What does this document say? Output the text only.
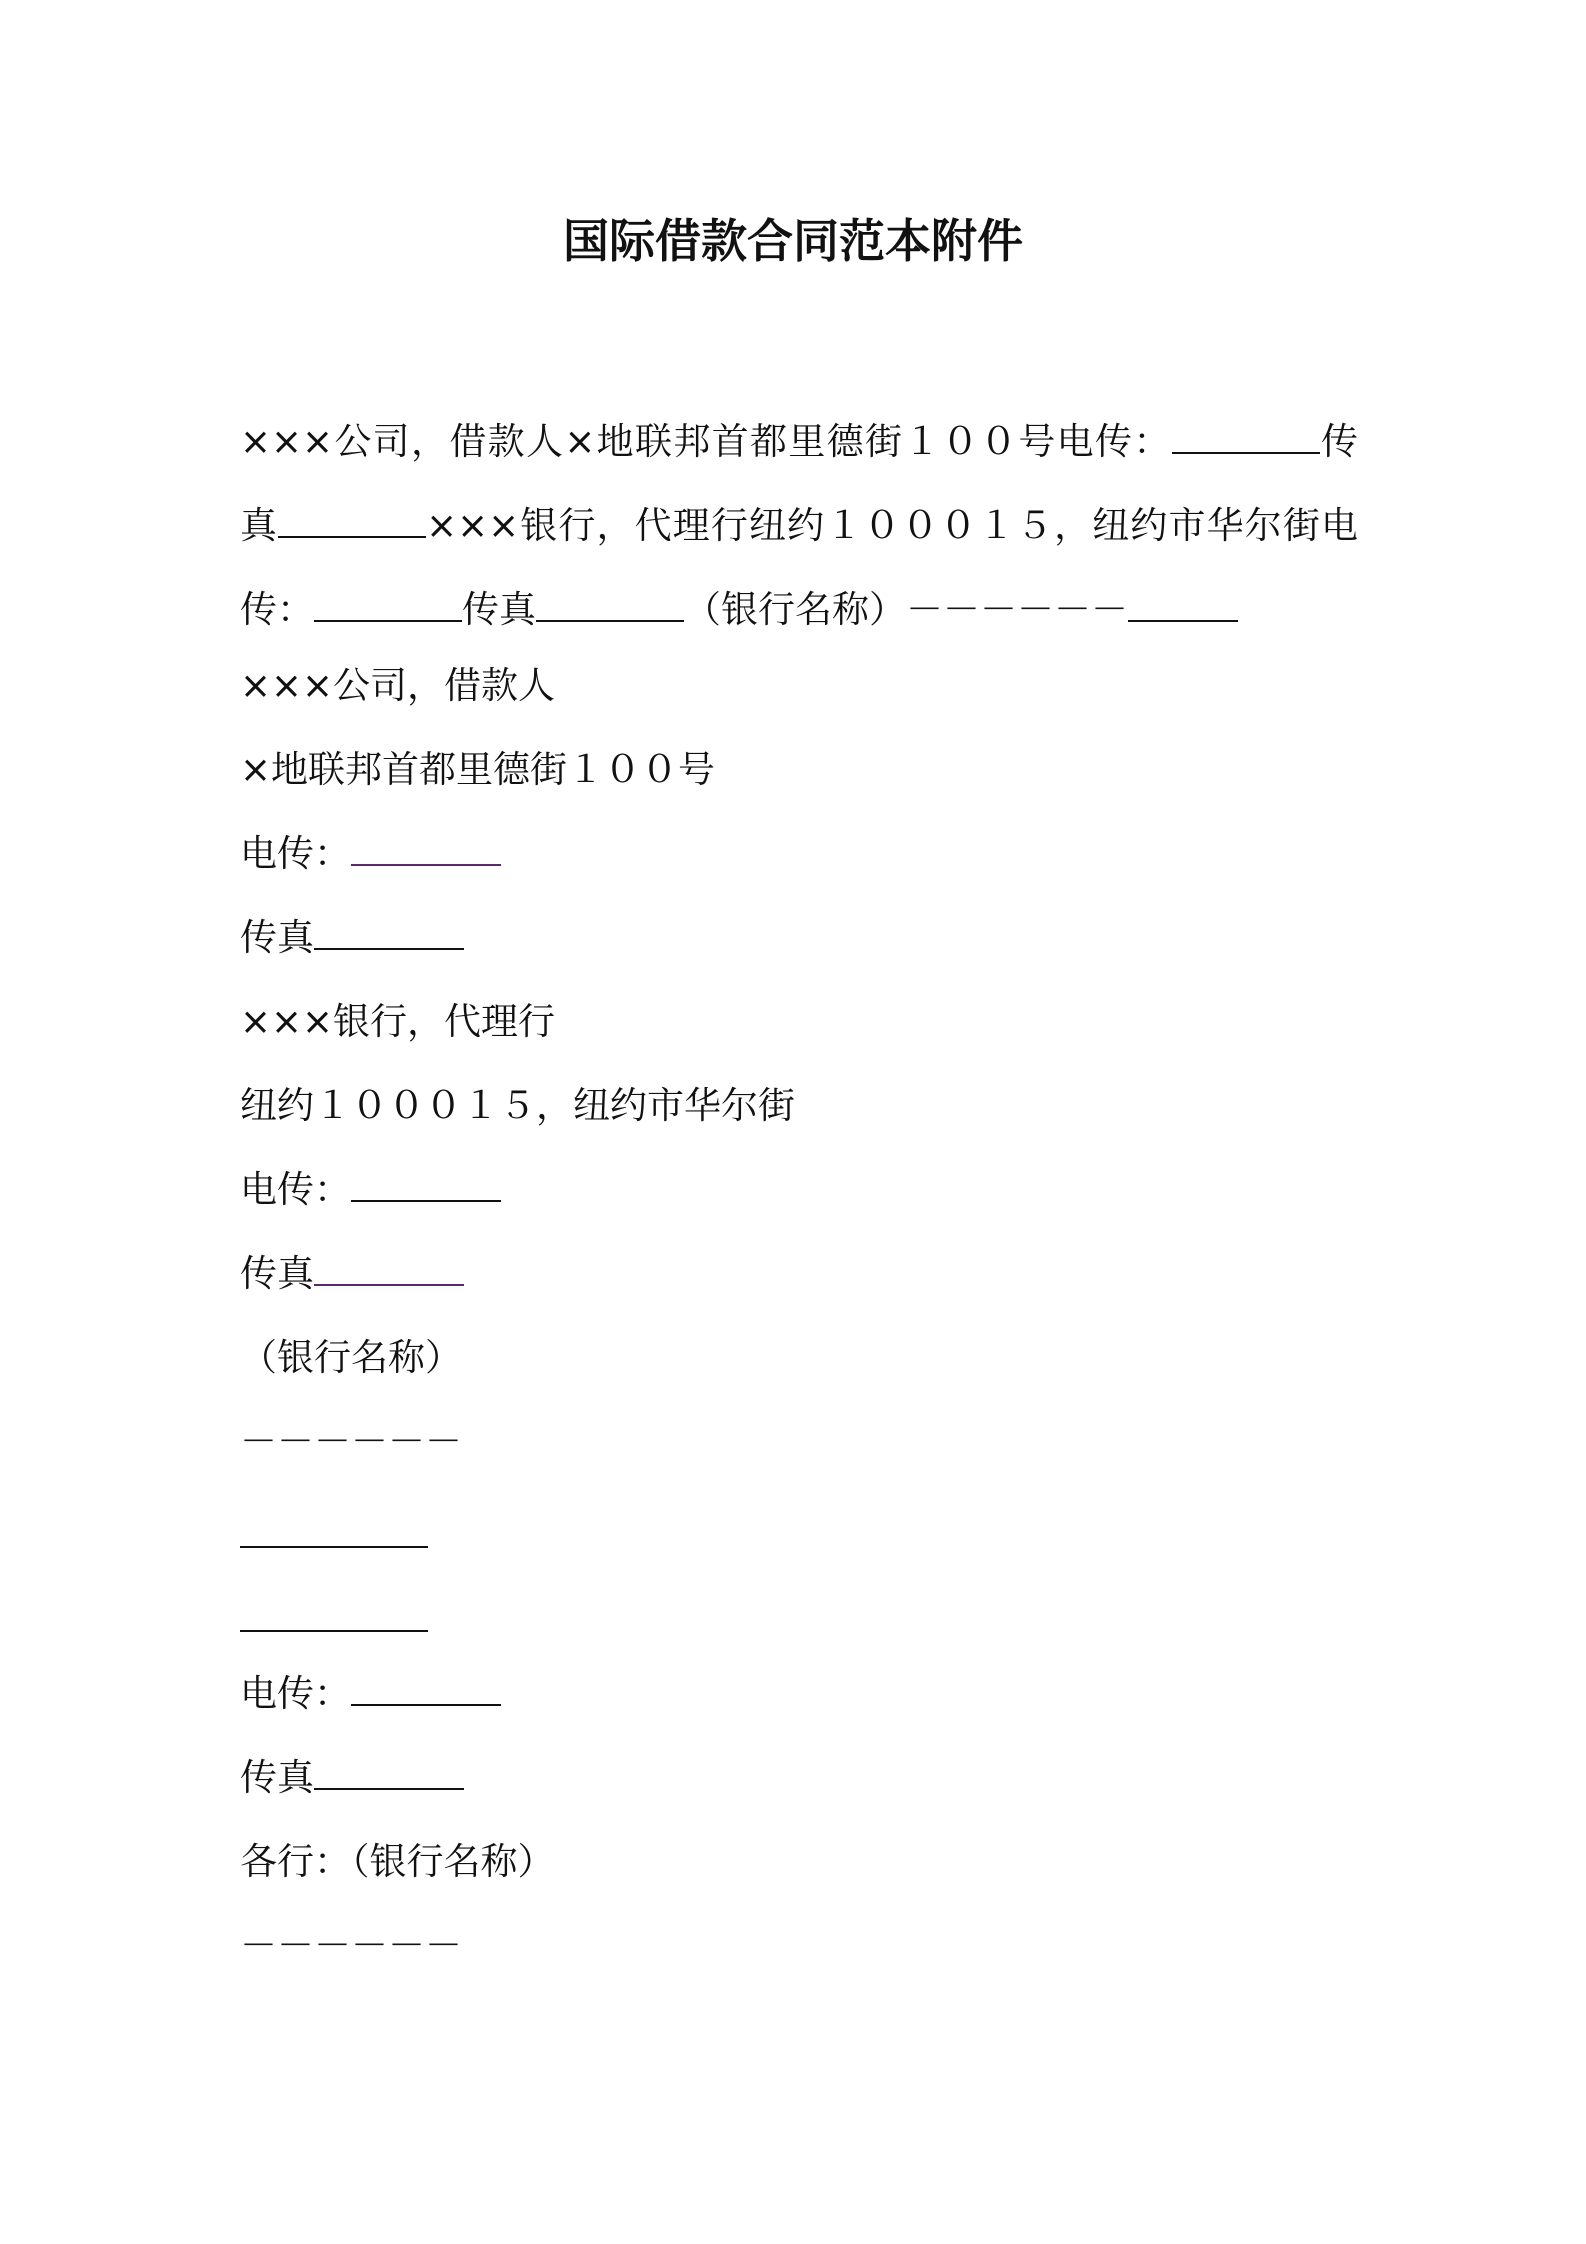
国际借款合同范本附件

×××公司，借款人×地联邦首都里德街１００号电传：	传真	×××银行，代理行纽约１０００１５，纽约市华尔街电传：	传真	（银行名称）－－－－－－

×××公司，借款人

×地联邦首都里德街１００号

电传：

传真

×××银行，代理行

纽约１０００１５，纽约市华尔街

电传：

传真

（银行名称）

－－－－－－

电传：

传真

各行：（银行名称）

－－－－－－
